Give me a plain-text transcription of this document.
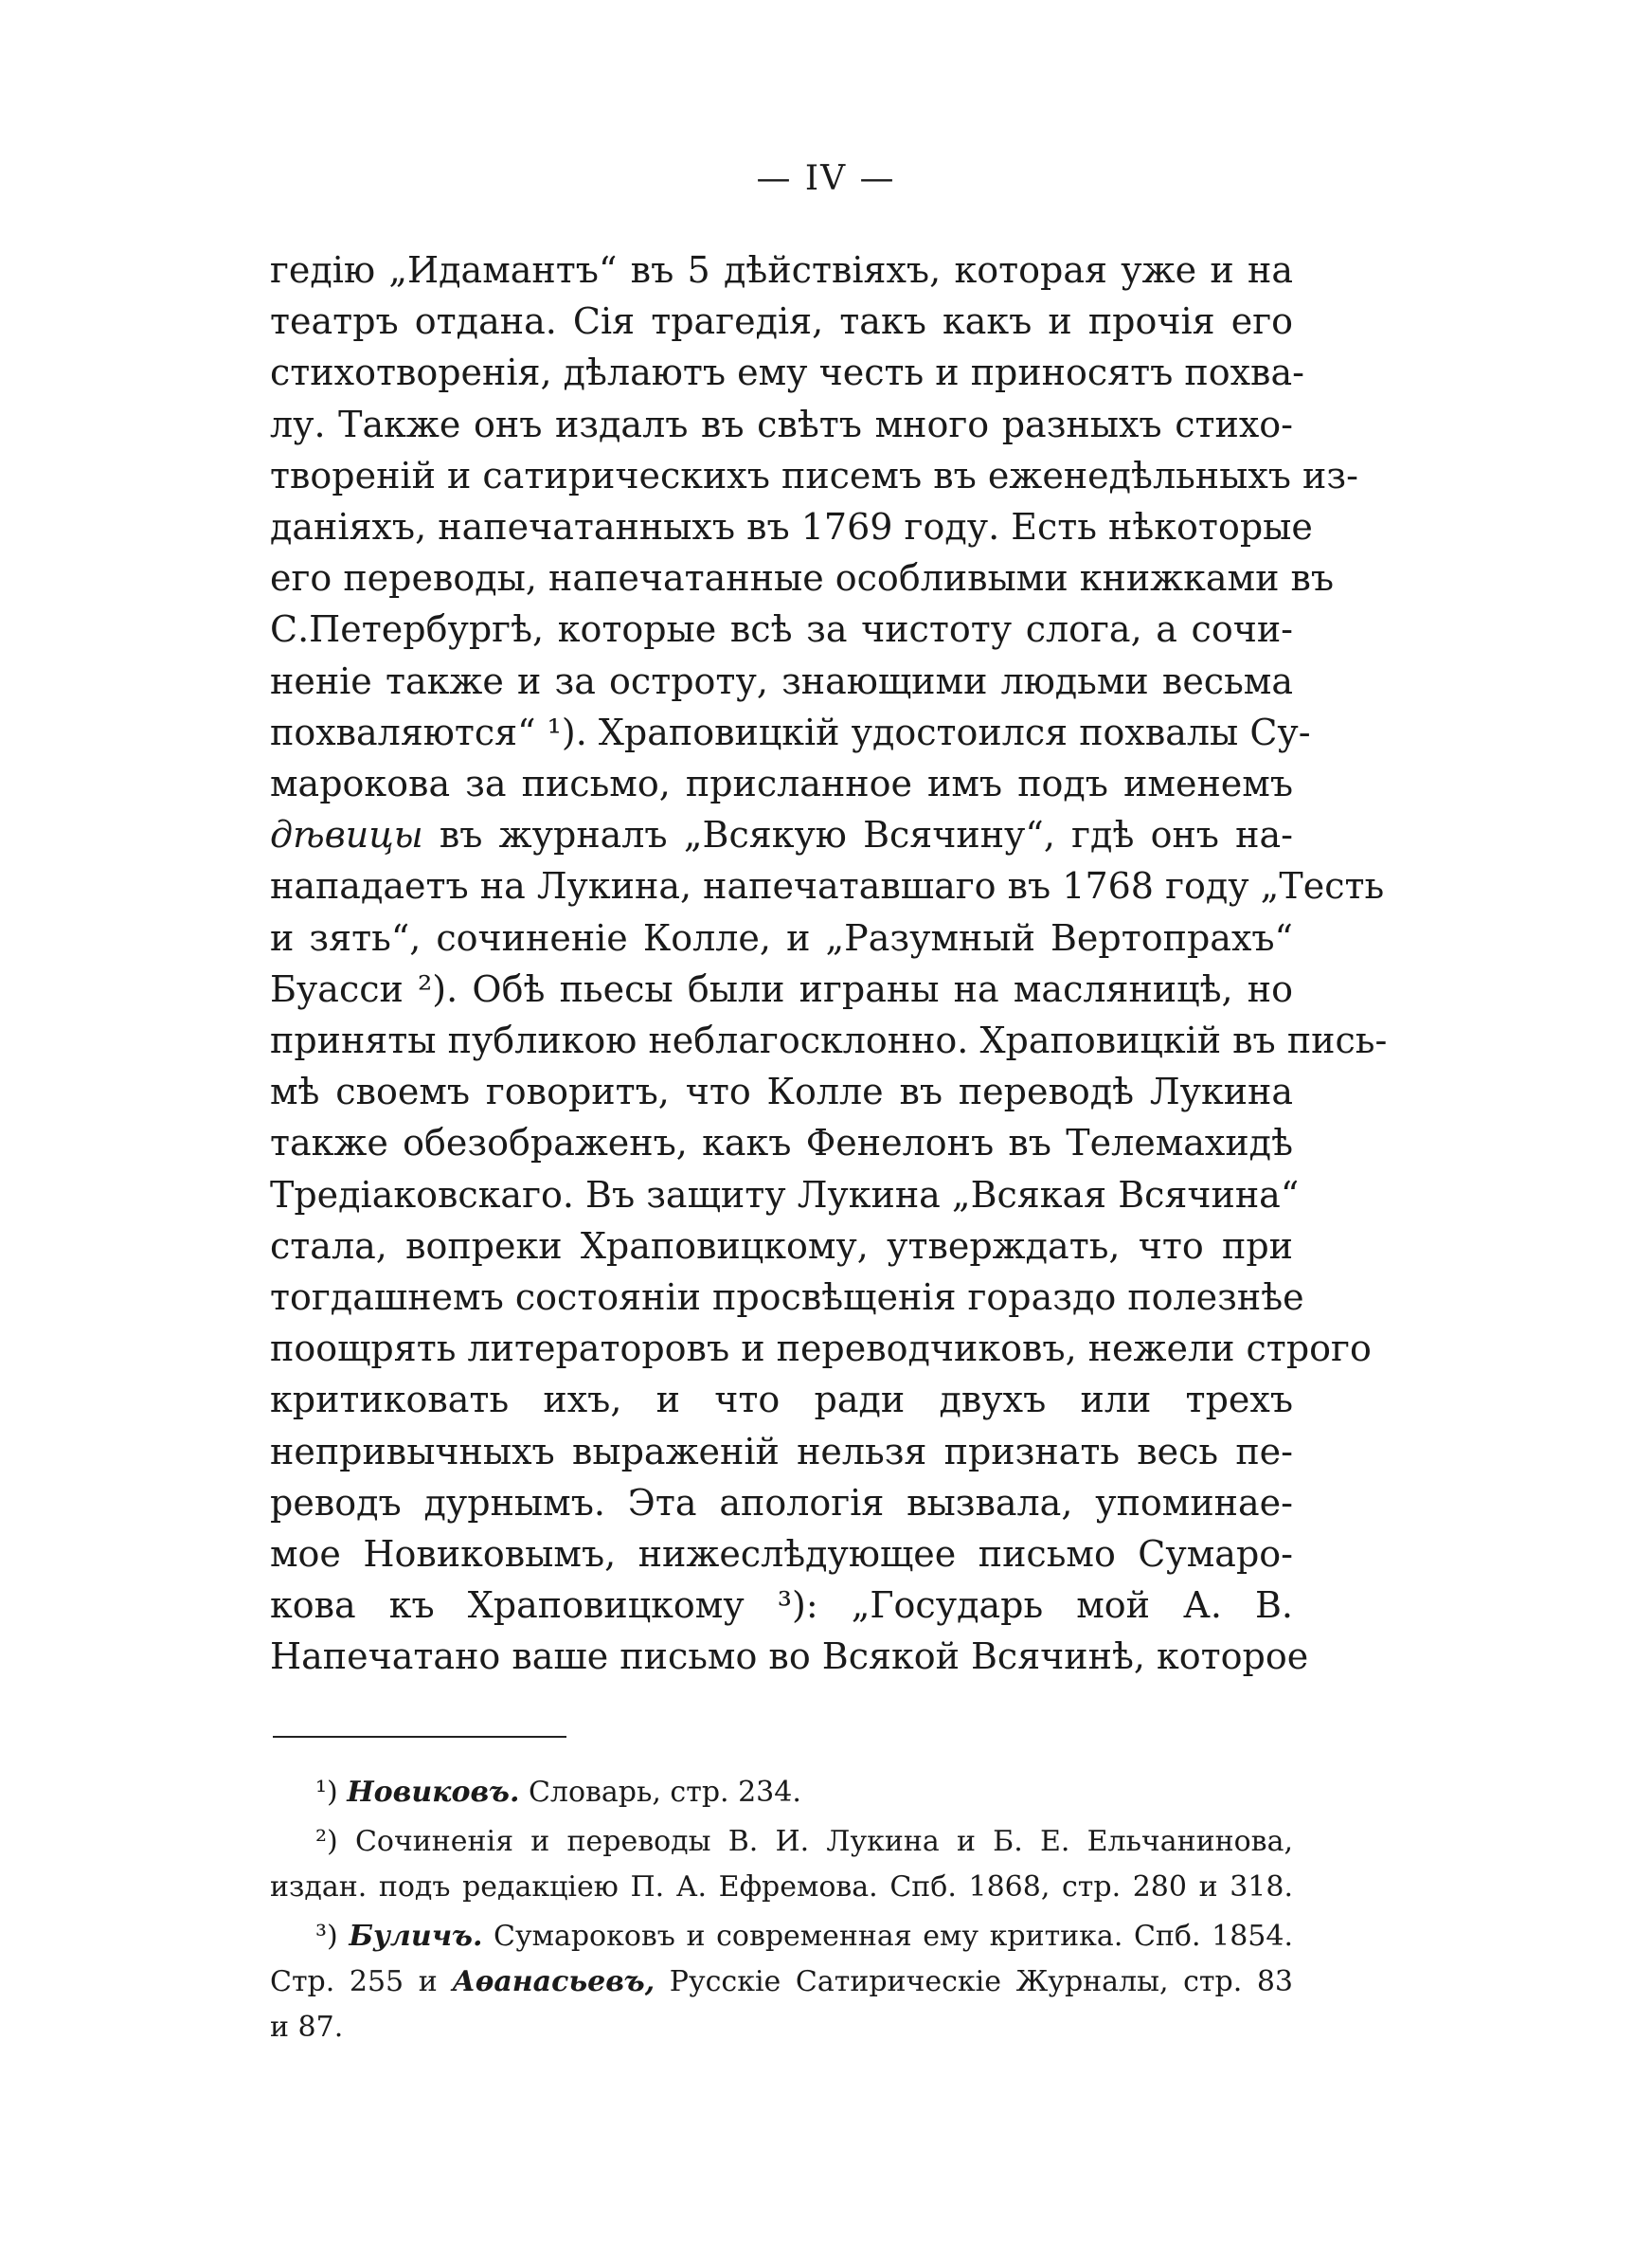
— IV —
гедію „Идамантъ“ въ 5 дѣйствіяхъ, которая уже и на
театръ отдана. Сія трагедія, такъ какъ и прочія его
стихотворенія, дѣлаютъ ему честь и приносятъ похва-
лу. Также онъ издалъ въ свѣтъ много разныхъ стихо-
твореній и сатирическихъ писемъ въ еженедѣльныхъ из-
даніяхъ, напечатанныхъ въ 1769 году. Есть нѣкоторые
его переводы, напечатанные особливыми книжками въ
С.Петербургѣ, которые всѣ за чистоту слога, а сочи-
неніе также и за остроту, знающими людьми весьма
похваляются“ ¹). Храповицкій удостоился похвалы Су-
марокова за письмо, присланное имъ подъ именемъ
дѣвицы въ журналъ „Всякую Всячину“, гдѣ онъ на-
нападаетъ на Лукина, напечатавшаго въ 1768 году „Тесть
и зять“, сочиненіе Колле, и „Разумный Вертопрахъ“
Буасси ²). Обѣ пьесы были играны на масляницѣ, но
приняты публикою неблагосклонно. Храповицкій въ пись-
мѣ своемъ говоритъ, что Колле въ переводѣ Лукина
также обезображенъ, какъ Фенелонъ въ Телемахидѣ
Тредіаковскаго. Въ защиту Лукина „Всякая Всячина“
стала, вопреки Храповицкому, утверждать, что при
тогдашнемъ состояніи просвѣщенія гораздо полезнѣе
поощрять литераторовъ и переводчиковъ, нежели строго
критиковать ихъ, и что ради двухъ или трехъ
непривычныхъ выраженій нельзя признать весь пе-
реводъ дурнымъ. Эта апологія вызвала, упоминае-
мое Новиковымъ, нижеслѣдующее письмо Сумаро-
кова къ Храповицкому ³): „Государь мой А. В.
Напечатано ваше письмо во Всякой Всячинѣ, которое
¹) Новиковъ. Словарь, стр. 234.
²) Сочиненія и переводы В. И. Лукина и Б. Е. Ельчанинова,
издан. подъ редакціею П. А. Ефремова. Спб. 1868, стр. 280 и 318.
³) Буличъ. Сумароковъ и современная ему критика. Спб. 1854.
Стр. 255 и Аѳанасьевъ, Русскіе Сатирическіе Журналы, стр. 83
и 87.
